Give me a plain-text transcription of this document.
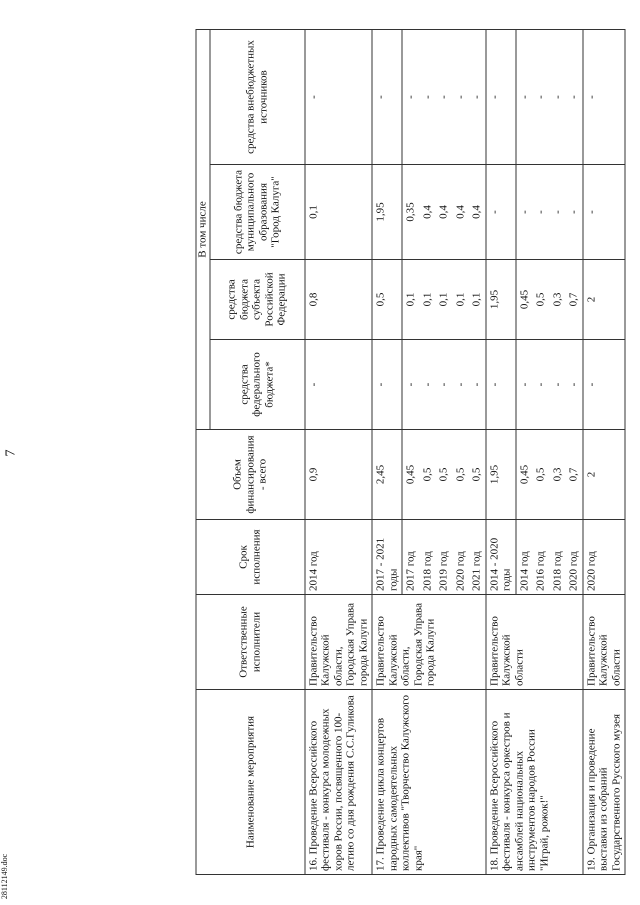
7
Наименование мероприятия	Ответственные исполнители	Срок исполнения	Объем финансирования - всего	В том числе			
				средства федерального бюджета*	средства бюджета субъекта Российской Федерации	средства бюджета муниципального образования "Город Калуга"	средства внебюджетных источников
16. Проведение Всероссийского фестиваля - конкурса молодежных хоров России, посвященного 100-летию со дня рождения С.С.Гуликова	Правительство Калужской области, Городская Управа города Калуги	2014 год	0,9	-	0,8	0,1	-
17. Проведение цикла концертов народных самодеятельных коллективов "Творчество Калужского края"	Правительство Калужской области, Городская Управа города Калуги	2017 - 2021 годы	2,45	-	0,5	1,95	-
		2017 год	0,45	-	0,1	0,35	-
		2018 год	0,5	-	0,1	0,4	-
		2019 год	0,5	-	0,1	0,4	-
		2020 год	0,5	-	0,1	0,4	-
		2021 год	0,5	-	0,1	0,4	-
18. Проведение Всероссийского фестиваля - конкурса оркестров и ансамблей национальных инструментов народов России "Играй, рожок!"	Правительство Калужской области	2014 - 2020 годы	1,95	-	1,95	-	-
		2014 год	0,45	-	0,45	-	-
		2016 год	0,5	-	0,5	-	-
		2018 год	0,3	-	0,3	-	-
		2020 год	0,7	-	0,7	-	-
19. Организация и проведение выставки из собраний Государственного Русского музея	Правительство Калужской области	2020 год	2	-	2	-	-
28112149.doc
